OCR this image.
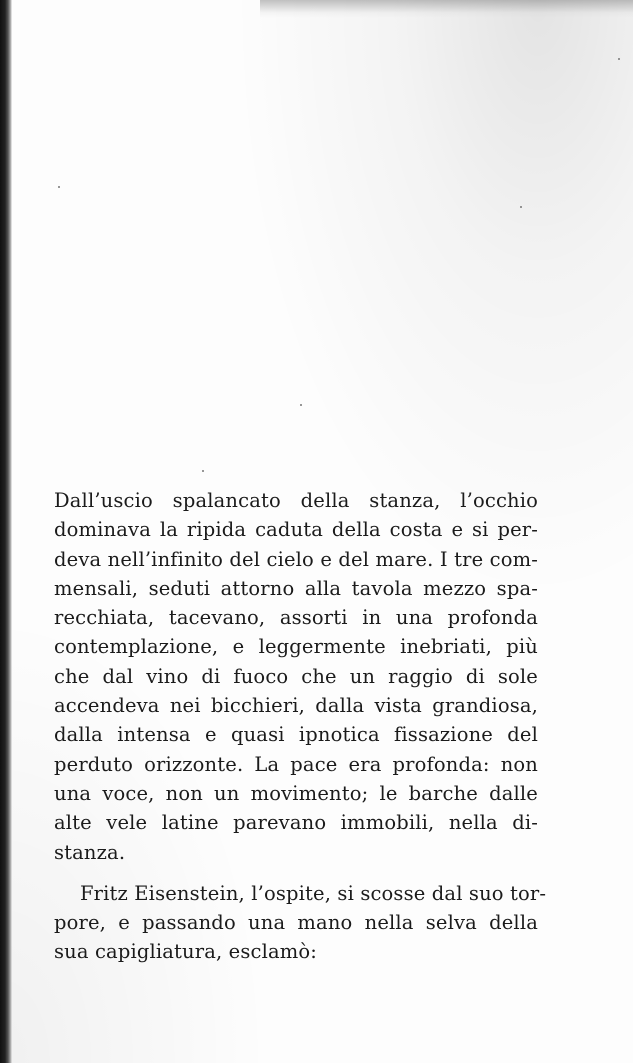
Dall’uscio spalancato della stanza, l’occhio
dominava la ripida caduta della costa e si per-
deva nell’infinito del cielo e del mare. I tre com-
mensali, seduti attorno alla tavola mezzo spa-
recchiata, tacevano, assorti in una profonda
contemplazione, e leggermente inebriati, più
che dal vino di fuoco che un raggio di sole
accendeva nei bicchieri, dalla vista grandiosa,
dalla intensa e quasi ipnotica fissazione del
perduto orizzonte. La pace era profonda: non
una voce, non un movimento; le barche dalle
alte vele latine parevano immobili, nella di-
stanza.
Fritz Eisenstein, l’ospite, si scosse dal suo tor-
pore, e passando una mano nella selva della
sua capigliatura, esclamò:
